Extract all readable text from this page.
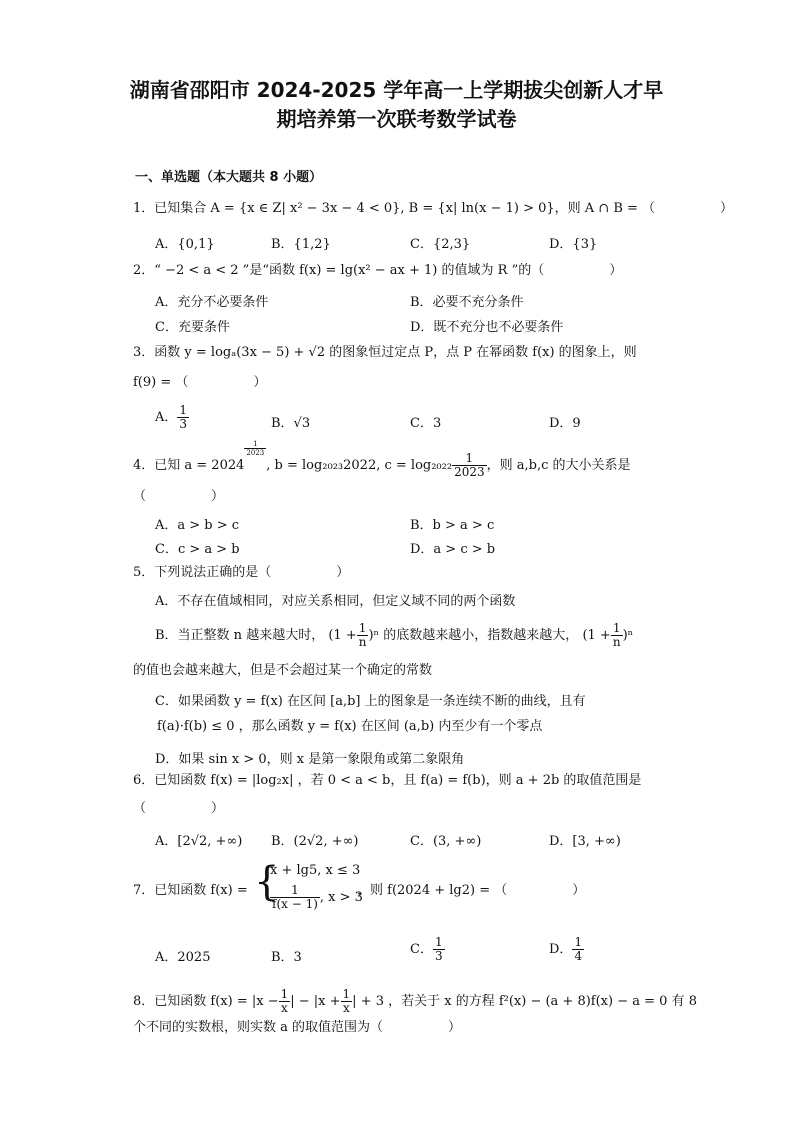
湖南省邵阳市 2024-2025 学年高一上学期拔尖创新人才早
期培养第一次联考数学试卷
一、单选题（本大题共 8 小题）
1．已知集合 A = {x ∈ Z| x² − 3x − 4 < 0}, B = {x| ln(x − 1) > 0}，则 A ∩ B = （　　　　　）
A．{0,1}	B．{1,2}	C．{2,3}	D．{3}
2．“ −2 < a < 2 ”是“函数 f(x) = lg(x² − ax + 1) 的值域为 R ”的（　　　　　）
A．充分不必要条件	B．必要不充分条件
C．充要条件	D．既不充分也不必要条件
3．函数 y = logₐ(3x − 5) + √2 的图象恒过定点 P，点 P 在幂函数 f(x) 的图象上，则
f(9) = （　　　　　）
A． $\frac{1}{3}$	B．√3	C．3	D．9
4．已知 a = 2024
$\frac{1}{2023}$
, b = log₂₀₂₃2022, $c = \log_{2022} \frac{1}{2023}$ ，则 a,b,c 的大小关系是
（　　　　　）
A．a > b > c	B．b > a > c
C．c > a > b	D．a > c > b
5．下列说法正确的是（　　　　　）
A．不存在值域相同，对应关系相同，但定义域不同的两个函数
B．当正整数 n 越来越大时， $(1 + \frac{1}{n} )^n$ 的底数越来越小，指数越来越大， $(1 + \frac{1}{n} )^n$
的值也会越来越大，但是不会超过某一个确定的常数
C．如果函数 y = f(x) 在区间 [a,b] 上的图象是一条连续不断的曲线，且有
f(a)·f(b) ≤ 0 ，那么函数 y = f(x) 在区间 (a,b) 内至少有一个零点
D．如果 sin x > 0，则 x 是第一象限角或第二象限角
6．已知函数 f(x) = |log₂x| ，若 0 < a < b，且 f(a) = f(b)，则 a + 2b 的取值范围是
（　　　　　）
A．[2√2, +∞) B．(2√2, +∞)	C．(3, +∞)	D．[3, +∞)
7．已知函数 f(x) = {
x + lg5, x ≤ 3
$\frac{1}{f(x - 1)}$ , x > 3
，则 f(2024 + lg2) = （　　　　　）
A．2025	B．3
C． $\frac{1}{3}$	D． $\frac{1}{4}$
8．已知函数 $f(x) = |x - \frac{1}{x}$ | − $|x + \frac{1}{x}$ | + 3 ，若关于 x 的方程 f²(x) − (a + 8)f(x) − a = 0 有 8
个不同的实数根，则实数 a 的取值范围为（　　　　　）
